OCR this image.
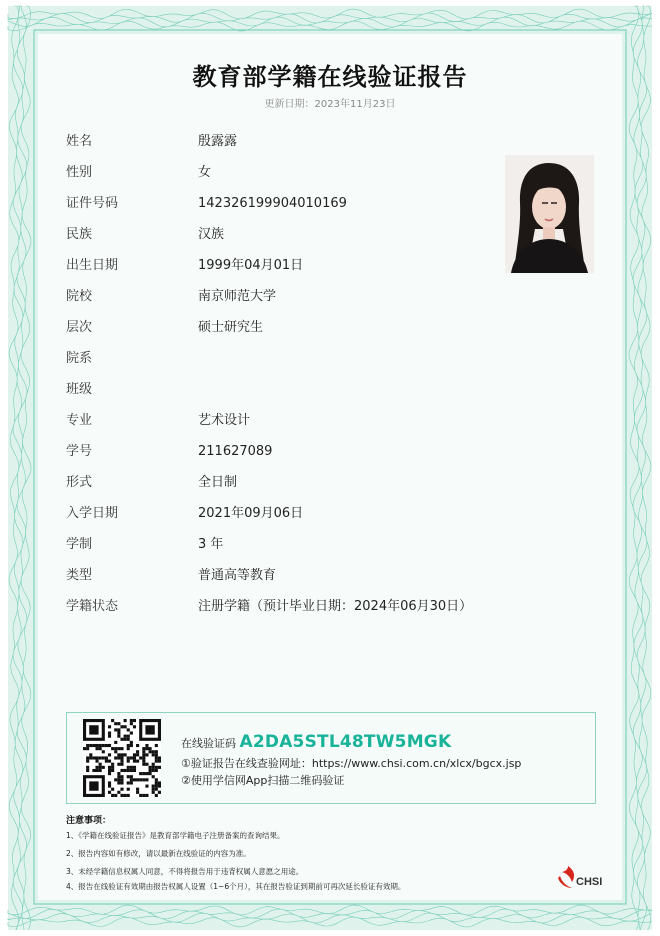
教育部学籍在线验证报告
更新日期：2023年11月23日
姓名	殷露露
性别	女
证件号码	142326199904010169
民族	汉族
出生日期	1999年04月01日
院校	南京师范大学
层次	硕士研究生
院系
班级
专业	艺术设计
学号	211627089
形式	全日制
入学日期	2021年09月06日
学制	3 年
类型	普通高等教育
学籍状态	注册学籍（预计毕业日期：2024年06月30日）
在线验证码 A2DA5STL48TW5MGK
①验证报告在线查验网址：https://www.chsi.com.cn/xlcx/bgcx.jsp
②使用学信网App扫描二维码验证
注意事项：
1、《学籍在线验证报告》是教育部学籍电子注册备案的查询结果。
2、报告内容如有修改，请以最新在线验证的内容为准。
3、未经学籍信息权属人同意，不得将报告用于违背权属人意愿之用途。
4、报告在线验证有效期由报告权属人设置（1~6个月），其在报告验证到期前可再次延长验证有效期。	CHSI
